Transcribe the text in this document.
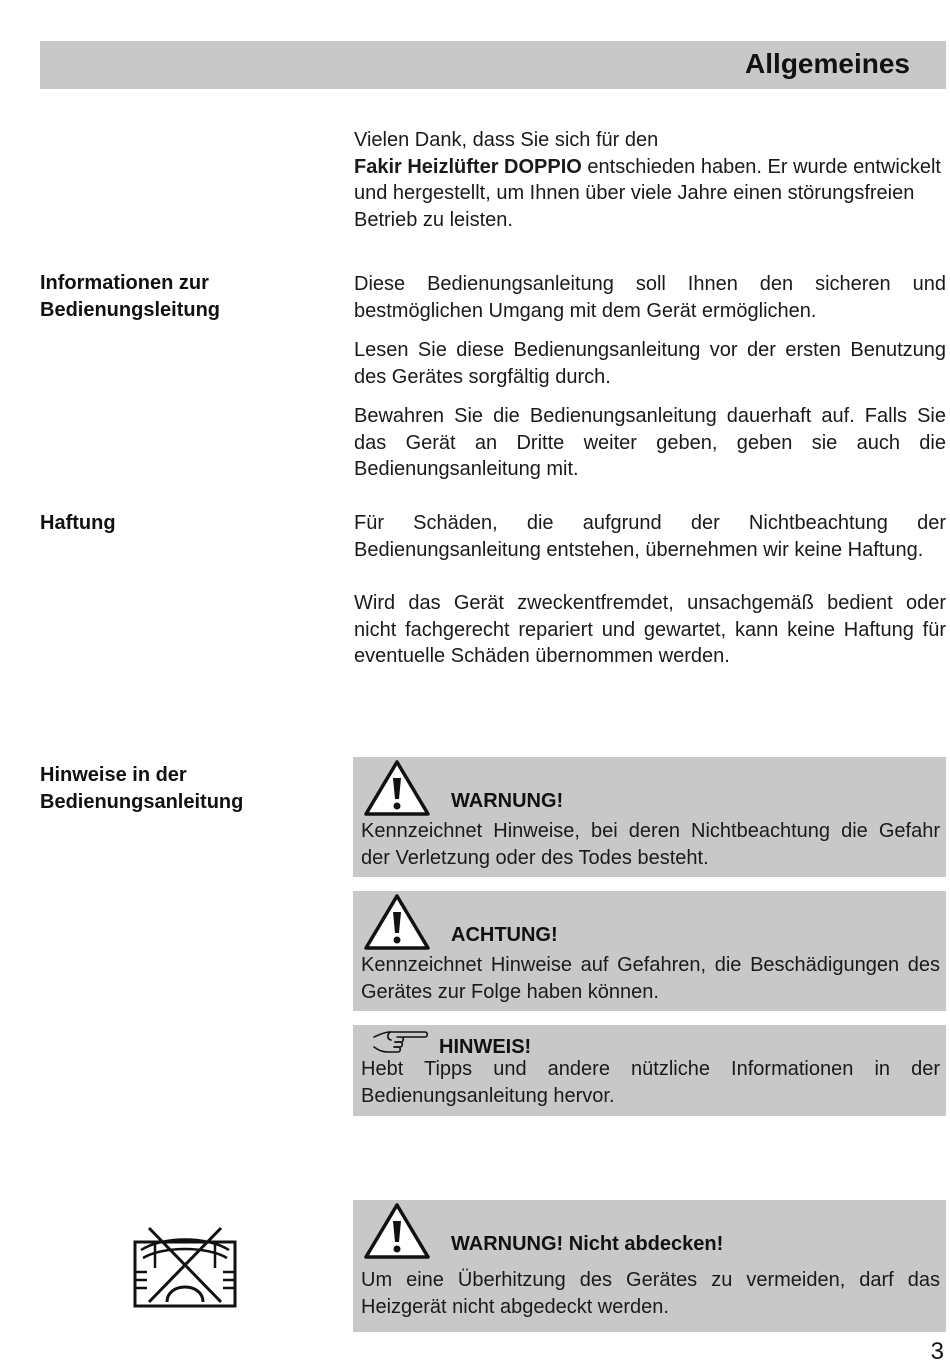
Allgemeines
Vielen Dank, dass Sie sich für den
Fakir Heizlüfter DOPPIO entschieden haben. Er wurde entwickelt und hergestellt, um Ihnen über viele Jahre einen störungsfreien Betrieb zu leisten.
Informationen zur
Bedienungsleitung

Diese Bedienungsanleitung soll Ihnen den sicheren und bestmöglichen Umgang mit dem Gerät ermöglichen.

Lesen Sie diese Bedienungsanleitung vor der ersten Benutzung des Gerätes sorgfältig durch.

Bewahren Sie die Bedienungsanleitung dauerhaft auf. Falls Sie das Gerät an Dritte weiter geben, geben sie auch die Bedienungsanleitung mit.

Haftung	Für Schäden, die aufgrund der Nichtbeachtung der Bedienungsanleitung entstehen, übernehmen wir keine Haftung.

Wird das Gerät zweckentfremdet, unsachgemäß bedient oder nicht fachgerecht repariert und gewartet, kann keine Haftung für eventuelle Schäden übernommen werden.

Hinweise in der
Bedienungsanleitung	WARNUNG!
Kennzeichnet Hinweise, bei deren Nichtbeachtung die Gefahr der Verletzung oder des Todes besteht.
ACHTUNG!
Kennzeichnet Hinweise auf Gefahren, die Beschädigungen des Gerätes zur Folge haben können.
HINWEIS!
Hebt Tipps und andere nützliche Informationen in der Bedienungsanleitung hervor.
WARNUNG! Nicht abdecken!
Um eine Überhitzung des Gerätes zu vermeiden, darf das Heizgerät nicht abgedeckt werden.
3
